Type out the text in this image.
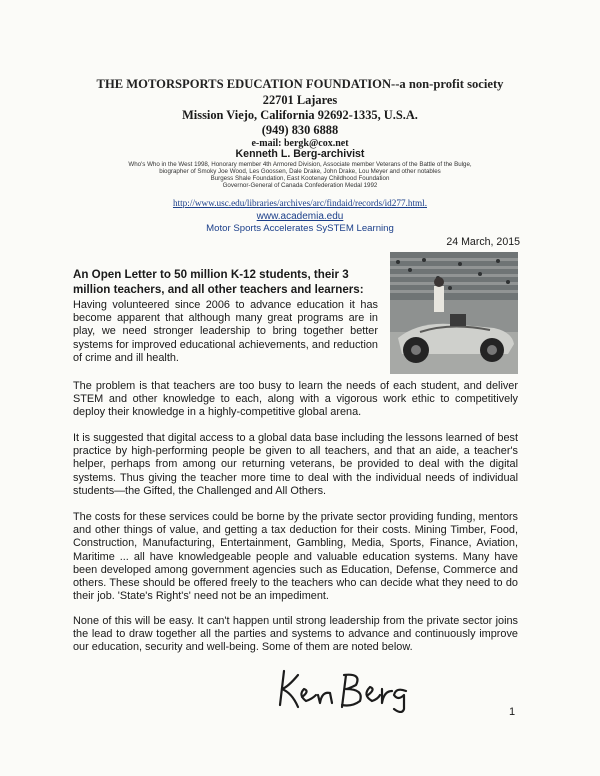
THE MOTORSPORTS EDUCATION FOUNDATION--a non-profit society
22701 Lajares
Mission Viejo, California 92692-1335, U.S.A.
(949) 830 6888
e-mail: bergk@cox.net
Kenneth L. Berg-archivist
Who's Who in the West 1998, Honorary member 4th Armored Division, Associate member Veterans of the Battle of the Bulge,
biographer of Smoky Joe Wood, Les Goossen, Dale Drake, John Drake, Lou Meyer and other notables
Burgess Shale Foundation, East Kootenay Childhood Foundation
Governor-General of Canada Confederation Medal 1992
http://www.usc.edu/libraries/archives/arc/findaid/records/id277.html.
www.academia.edu
Motor Sports Accelerates SySTEM Learning
24 March, 2015
An Open Letter to 50 million K-12 students, their 3 million teachers, and all other teachers and learners:
Having volunteered since 2006 to advance education it has become apparent that although many great programs are in play, we need stronger leadership to bring together better systems for improved educational achievements, and reduction of crime and ill health.
The problem is that teachers are too busy to learn the needs of each student, and deliver STEM and other knowledge to each, along with a vigorous work ethic to competitively deploy their knowledge in a highly-competitive global arena.
It is suggested that digital access to a global data base including the lessons learned of best practice by high-performing people be given to all teachers, and that an aide, a teacher's helper, perhaps from among our returning veterans, be provided to deal with the digital systems. Thus giving the teacher more time to deal with the individual needs of individual students—the Gifted, the Challenged and All Others.
The costs for these services could be borne by the private sector providing funding, mentors and other things of value, and getting a tax deduction for their costs. Mining Timber, Food, Construction, Manufacturing, Entertainment, Gambling, Media, Sports, Finance, Aviation, Maritime ... all have knowledgeable people and valuable education systems. Many have been developed among government agencies such as Education, Defense, Commerce and others. These should be offered freely to the teachers who can decide what they need to do their job. 'State's Right's' need not be an impediment.
None of this will be easy. It can't happen until strong leadership from the private sector joins the lead to draw together all the parties and systems to advance and continuously improve our education, security and well-being. Some of them are noted below.
1
